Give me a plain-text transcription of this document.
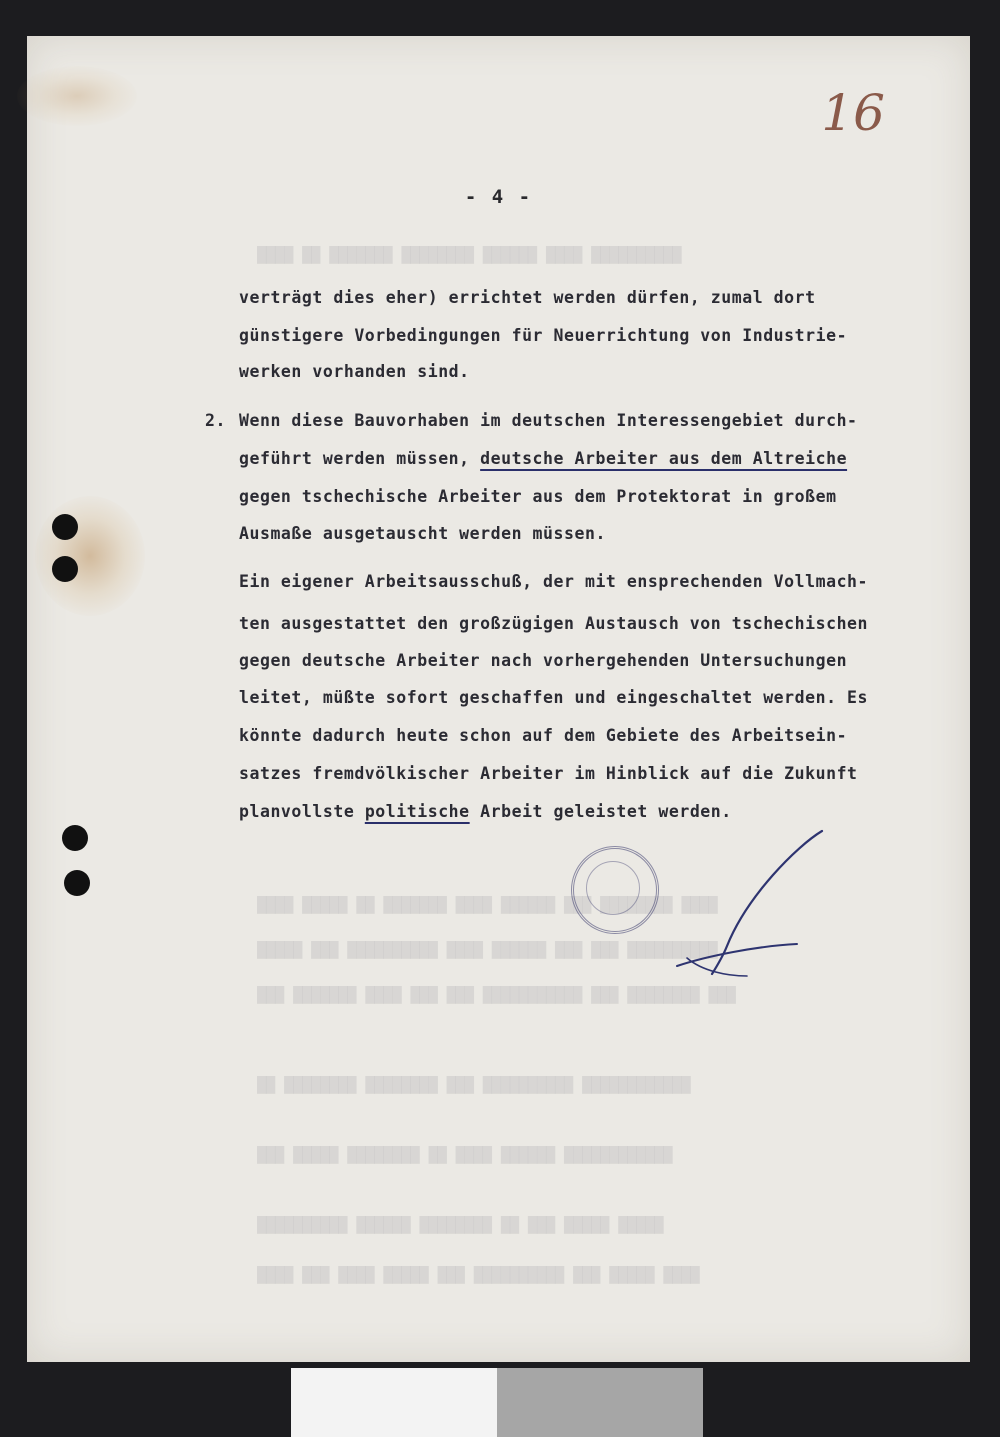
████ ██ ███████ ████████ ██████ ████ ██████████
████ █████ ██ ███████ ████ ██████ ███ ████████ ████
█████ ███ ██████████ ████ ██████ ███ ███ ██████████
███ ███████ ████ ███ ███ ███████████ ███ ████████ ███
██ ████████ ████████ ███ ██████████ ████████████
███ █████ ████████ ██ ████ ██████ ████████████
██████████ ██████ ████████ ██ ███ █████ █████
████ ███ ████ █████ ███ ██████████ ███ █████ ████
16
- 4 -
verträgt dies eher) errichtet werden dürfen, zumal dort
günstigere Vorbedingungen für Neuerrichtung von Industrie-
werken vorhanden sind.
2. Wenn diese Bauvorhaben im deutschen Interessengebiet durch-
geführt werden müssen, deutsche Arbeiter aus dem Altreiche
gegen tschechische Arbeiter aus dem Protektorat in großem
Ausmaße ausgetauscht werden müssen.
Ein eigener Arbeitsausschuß, der mit ensprechenden Vollmach-
ten ausgestattet den großzügigen Austausch von tschechischen
gegen deutsche Arbeiter nach vorhergehenden Untersuchungen
leitet, müßte sofort geschaffen und eingeschaltet werden. Es
könnte dadurch heute schon auf dem Gebiete des Arbeitsein-
satzes fremdvölkischer Arbeiter im Hinblick auf die Zukunft
planvollste politische Arbeit geleistet werden.
